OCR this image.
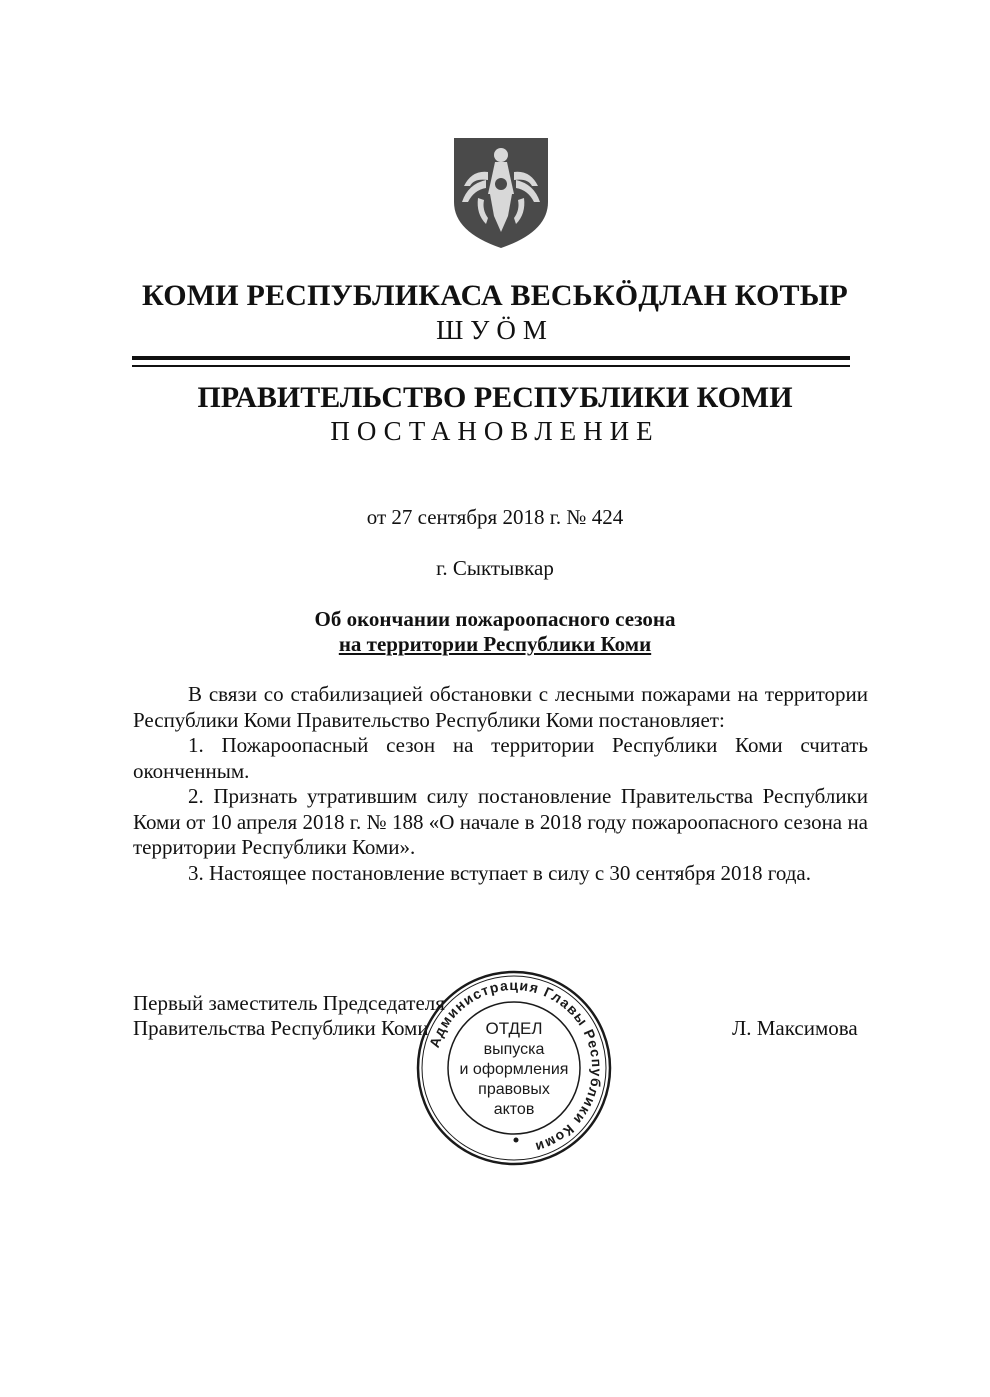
КОМИ РЕСПУБЛИКАСА ВЕСЬКӦДЛАН КОТЫР
ШУӦМ
ПРАВИТЕЛЬСТВО РЕСПУБЛИКИ КОМИ
ПОСТАНОВЛЕНИЕ
от 27 сентября 2018 г. № 424
г. Сыктывкар
Об окончании пожароопасного сезона
на территории Республики Коми

В связи со стабилизацией обстановки с лесными пожарами на территории Республики Коми Правительство Республики Коми постановляет:

1. Пожароопасный сезон на территории Республики Коми считать оконченным.

2. Признать утратившим силу постановление Правительства Республики Коми от 10 апреля 2018 г. № 188 «О начале в 2018 году пожароопасного сезона на территории Республики Коми».

3. Настоящее постановление вступает в силу с 30 сентября 2018 года.

Первый заместитель Председателя
Правительства Республики Коми	Л. Максимова
Администрация Главы Республики Коми
ОТДЕЛ
выпуска
и оформления
правовых
актов
